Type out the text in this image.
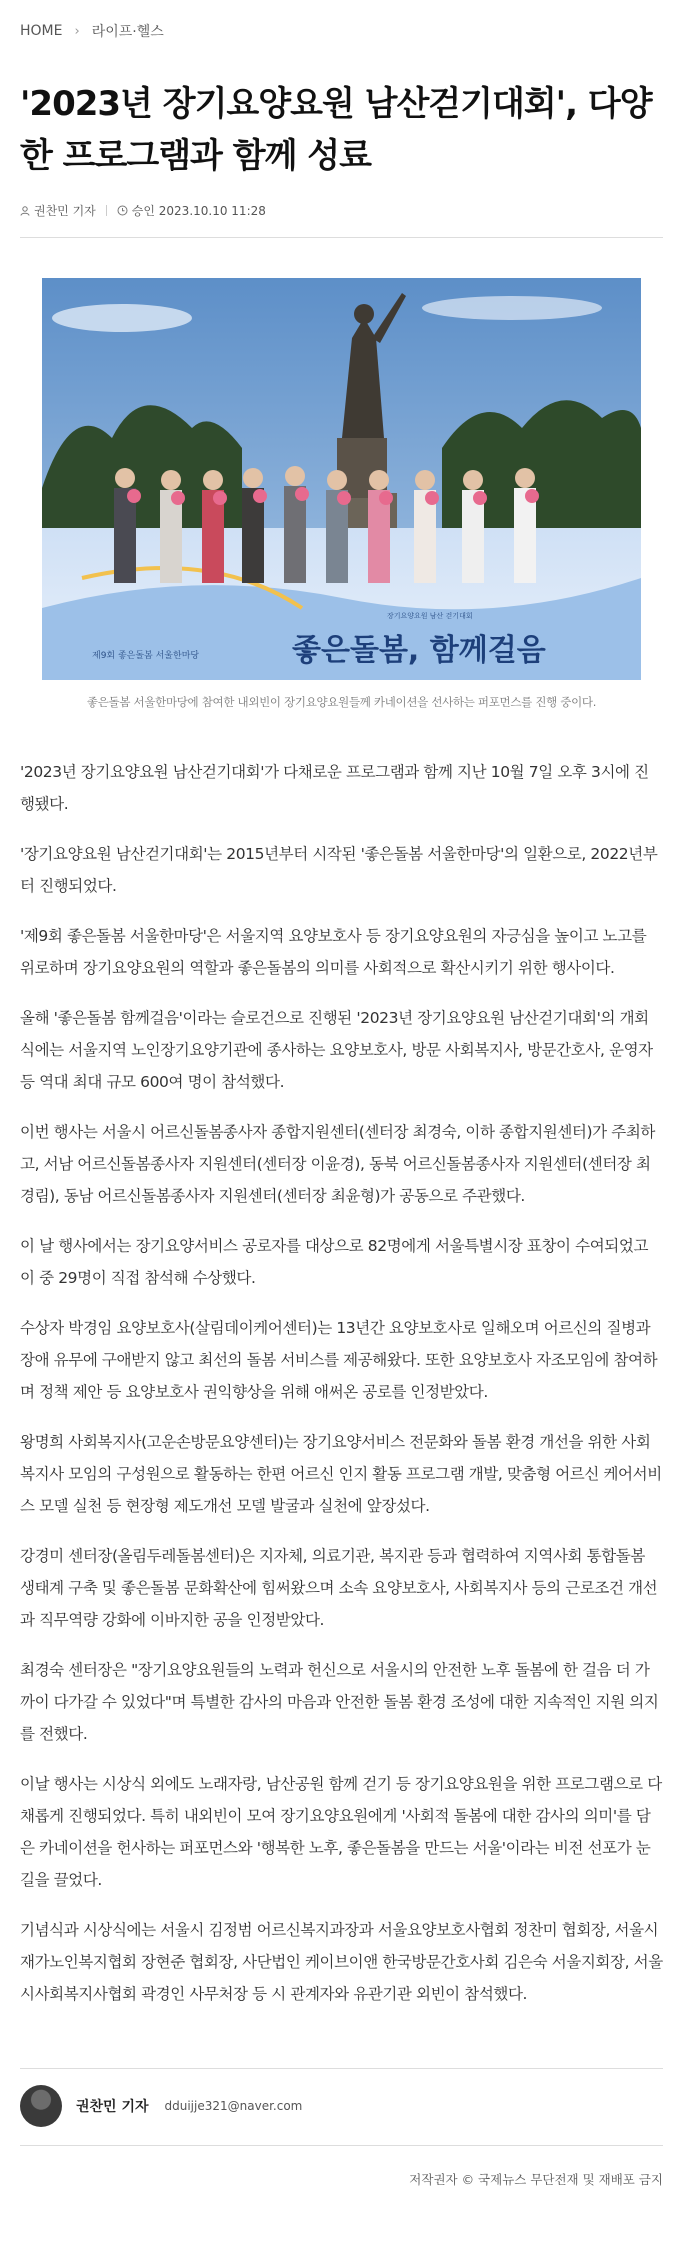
HOME › 라이프·헬스
'2023년 장기요양요원 남산걷기대회', 다양한 프로그램과 함께 성료
권찬민 기자	승인 2023.10.10 11:28
좋은돌봄, 함께걸음
제9회 좋은돌봄 서울한마당
장기요양요원 남산 걷기대회

좋은돌봄 서울한마당에 참여한 내외빈이 장기요양요원들께 카네이션을 선사하는 퍼포먼스를 진행 중이다.

'2023년 장기요양요원 남산걷기대회'가 다채로운 프로그램과 함께 지난 10월 7일 오후 3시에 진행됐다.

'장기요양요원 남산걷기대회'는 2015년부터 시작된 '좋은돌봄 서울한마당'의 일환으로, 2022년부터 진행되었다.

'제9회 좋은돌봄 서울한마당'은 서울지역 요양보호사 등 장기요양요원의 자긍심을 높이고 노고를 위로하며 장기요양요원의 역할과 좋은돌봄의 의미를 사회적으로 확산시키기 위한 행사이다.

올해 '좋은돌봄 함께걸음'이라는 슬로건으로 진행된 '2023년 장기요양요원 남산걷기대회'의 개회식에는 서울지역 노인장기요양기관에 종사하는 요양보호사, 방문 사회복지사, 방문간호사, 운영자 등 역대 최대 규모 600여 명이 참석했다.

이번 행사는 서울시 어르신돌봄종사자 종합지원센터(센터장 최경숙, 이하 종합지원센터)가 주최하고, 서남 어르신돌봄종사자 지원센터(센터장 이윤경), 동북 어르신돌봄종사자 지원센터(센터장 최경림), 동남 어르신돌봄종사자 지원센터(센터장 최윤형)가 공동으로 주관했다.

이 날 행사에서는 장기요양서비스 공로자를 대상으로 82명에게 서울특별시장 표창이 수여되었고 이 중 29명이 직접 참석해 수상했다.

수상자 박경임 요양보호사(살림데이케어센터)는 13년간 요양보호사로 일해오며 어르신의 질병과 장애 유무에 구애받지 않고 최선의 돌봄 서비스를 제공해왔다. 또한 요양보호사 자조모임에 참여하며 정책 제안 등 요양보호사 권익향상을 위해 애써온 공로를 인정받았다.

왕명희 사회복지사(고운손방문요양센터)는 장기요양서비스 전문화와 돌봄 환경 개선을 위한 사회복지사 모임의 구성원으로 활동하는 한편 어르신 인지 활동 프로그램 개발, 맞춤형 어르신 케어서비스 모델 실천 등 현장형 제도개선 모델 발굴과 실천에 앞장섰다.

강경미 센터장(올림두레돌봄센터)은 지자체, 의료기관, 복지관 등과 협력하여 지역사회 통합돌봄 생태계 구축 및 좋은돌봄 문화확산에 힘써왔으며 소속 요양보호사, 사회복지사 등의 근로조건 개선과 직무역량 강화에 이바지한 공을 인정받았다.

최경숙 센터장은 "장기요양요원들의 노력과 헌신으로 서울시의 안전한 노후 돌봄에 한 걸음 더 가까이 다가갈 수 있었다"며 특별한 감사의 마음과 안전한 돌봄 환경 조성에 대한 지속적인 지원 의지를 전했다.

이날 행사는 시상식 외에도 노래자랑, 남산공원 함께 걷기 등 장기요양요원을 위한 프로그램으로 다채롭게 진행되었다. 특히 내외빈이 모여 장기요양요원에게 '사회적 돌봄에 대한 감사의 의미'를 담은 카네이션을 헌사하는 퍼포먼스와 '행복한 노후, 좋은돌봄을 만드는 서울'이라는 비전 선포가 눈길을 끌었다.

기념식과 시상식에는 서울시 김정범 어르신복지과장과 서울요양보호사협회 정찬미 협회장, 서울시재가노인복지협회 장현준 협회장, 사단법인 케이브이앤 한국방문간호사회 김은숙 서울지회장, 서울시사회복지사협회 곽경인 사무처장 등 시 관계자와 유관기관 외빈이 참석했다.

권찬민 기자 dduijje321@naver.com
저작권자 © 국제뉴스 무단전재 및 재배포 금지
